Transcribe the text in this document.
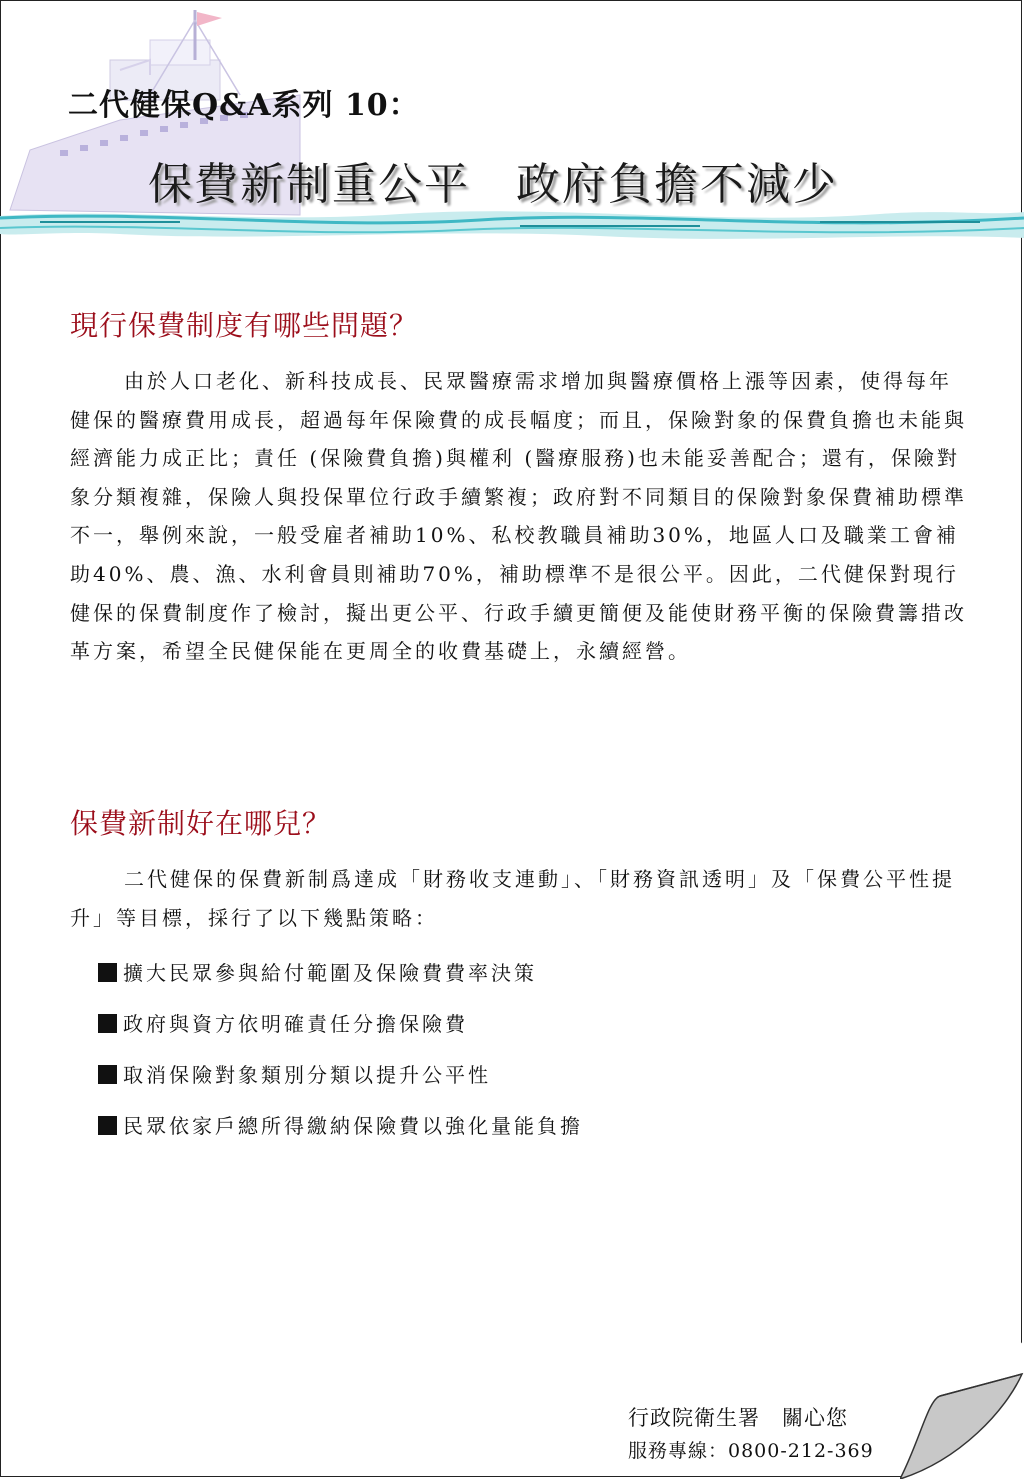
二代健保Q&A系列 10：
保費新制重公平　政府負擔不減少
現行保費制度有哪些問題？

由於人口老化、新科技成長、民眾醫療需求增加與醫療價格上漲等因素，使得每年健保的醫療費用成長，超過每年保險費的成長幅度；而且，保險對象的保費負擔也未能與經濟能力成正比；責任 (保險費負擔)與權利 (醫療服務)也未能妥善配合；還有，保險對象分類複雜，保險人與投保單位行政手續繁複；政府對不同類目的保險對象保費補助標準不一，舉例來說，一般受雇者補助10%、私校教職員補助30%，地區人口及職業工會補助40%、農、漁、水利會員則補助70%，補助標準不是很公平。因此，二代健保對現行健保的保費制度作了檢討，擬出更公平、行政手續更簡便及能使財務平衡的保險費籌措改革方案，希望全民健保能在更周全的收費基礎上，永續經營。

保費新制好在哪兒？

二代健保的保費新制爲達成「財務收支連動」、「財務資訊透明」及「保費公平性提升」等目標，採行了以下幾點策略：

擴大民眾參與給付範圍及保險費費率決策
政府與資方依明確責任分擔保險費
取消保險對象類別分類以提升公平性
民眾依家戶總所得繳納保險費以強化量能負擔
行政院衛生署　關心您
服務專線：0800-212-369
